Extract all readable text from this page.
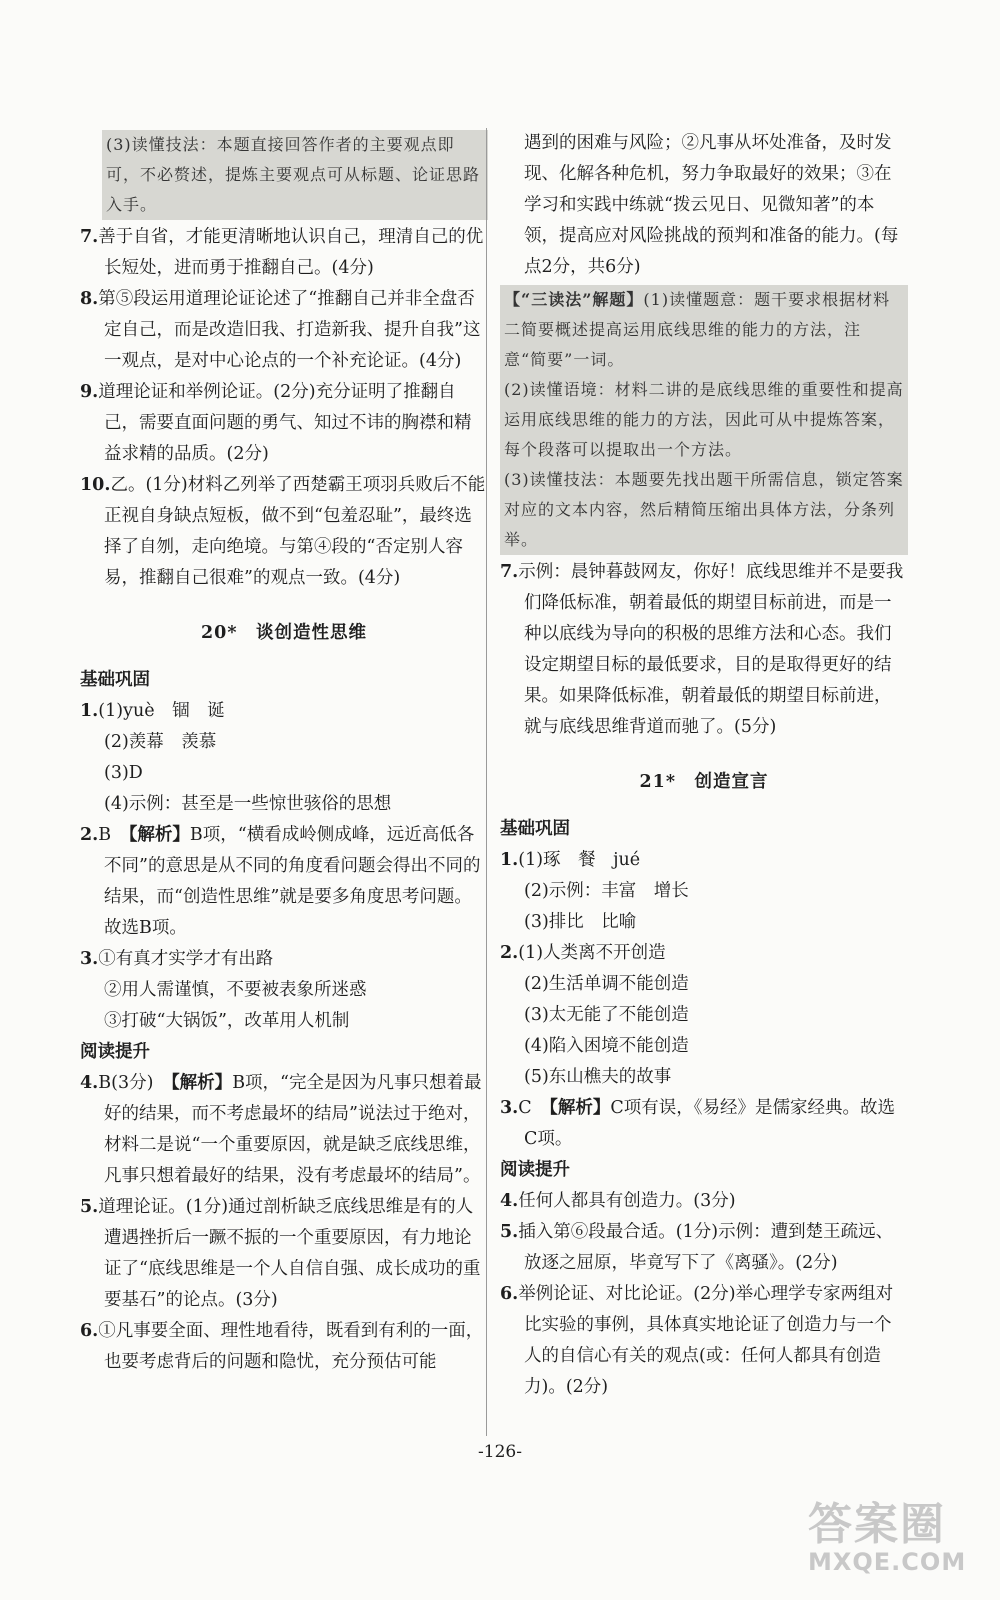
(3)读懂技法：本题直接回答作者的主要观点即可，不必赘述，提炼主要观点可从标题、论证思路入手。

7.善于自省，才能更清晰地认识自己，理清自己的优长短处，进而勇于推翻自己。(4分)
8.第⑤段运用道理论证论述了“推翻自己并非全盘否定自己，而是改造旧我、打造新我、提升自我”这一观点，是对中心论点的一个补充论证。(4分)
9.道理论证和举例论证。(2分)充分证明了推翻自己，需要直面问题的勇气、知过不讳的胸襟和精益求精的品质。(2分)
10.乙。(1分)材料乙列举了西楚霸王项羽兵败后不能正视自身缺点短板，做不到“包羞忍耻”，最终选择了自刎，走向绝境。与第④段的“否定别人容易，推翻自己很难”的观点一致。(4分)
20*　谈创造性思维
基础巩固
1.(1)yuè　锢　诞
(2)羡幕　羡慕
(3)D
(4)示例：甚至是一些惊世骇俗的思想
2.B　【解析】B项，“横看成岭侧成峰，远近高低各不同”的意思是从不同的角度看问题会得出不同的结果，而“创造性思维”就是要多角度思考问题。故选B项。
3.①有真才实学才有出路
②用人需谨慎，不要被表象所迷惑
③打破“大锅饭”，改革用人机制
阅读提升
4.B(3分)　【解析】B项，“完全是因为凡事只想着最好的结果，而不考虑最坏的结局”说法过于绝对，材料二是说“一个重要原因，就是缺乏底线思维，凡事只想着最好的结果，没有考虑最坏的结局”。
5.道理论证。(1分)通过剖析缺乏底线思维是有的人遭遇挫折后一蹶不振的一个重要原因，有力地论证了“底线思维是一个人自信自强、成长成功的重要基石”的论点。(3分)
6.①凡事要全面、理性地看待，既看到有利的一面，也要考虑背后的问题和隐忧，充分预估可能
遇到的困难与风险；②凡事从坏处准备，及时发现、化解各种危机，努力争取最好的效果；③在学习和实践中练就“拨云见日、见微知著”的本领，提高应对风险挑战的预判和准备的能力。(每点2分，共6分)

【“三读法”解题】(1)读懂题意：题干要求根据材料二简要概述提高运用底线思维的能力的方法，注意“简要”一词。

(2)读懂语境：材料二讲的是底线思维的重要性和提高运用底线思维的能力的方法，因此可从中提炼答案，每个段落可以提取出一个方法。

(3)读懂技法：本题要先找出题干所需信息，锁定答案对应的文本内容，然后精简压缩出具体方法，分条列举。

7.示例：晨钟暮鼓网友，你好！底线思维并不是要我们降低标准，朝着最低的期望目标前进，而是一种以底线为导向的积极的思维方法和心态。我们设定期望目标的最低要求，目的是取得更好的结果。如果降低标准，朝着最低的期望目标前进，就与底线思维背道而驰了。(5分)
21*　创造宣言
基础巩固
1.(1)琢　餐　jué
(2)示例：丰富　增长
(3)排比　比喻
2.(1)人类离不开创造
(2)生活单调不能创造
(3)太无能了不能创造
(4)陷入困境不能创造
(5)东山樵夫的故事
3.C　【解析】C项有误，《易经》是儒家经典。故选C项。
阅读提升
4.任何人都具有创造力。(3分)
5.插入第⑥段最合适。(1分)示例：遭到楚王疏远、放逐之屈原，毕竟写下了《离骚》。(2分)
6.举例论证、对比论证。(2分)举心理学专家两组对比实验的事例，具体真实地论证了创造力与一个人的自信心有关的观点(或：任何人都具有创造力)。(2分)
-126-
答案圈
MXQE.COM
